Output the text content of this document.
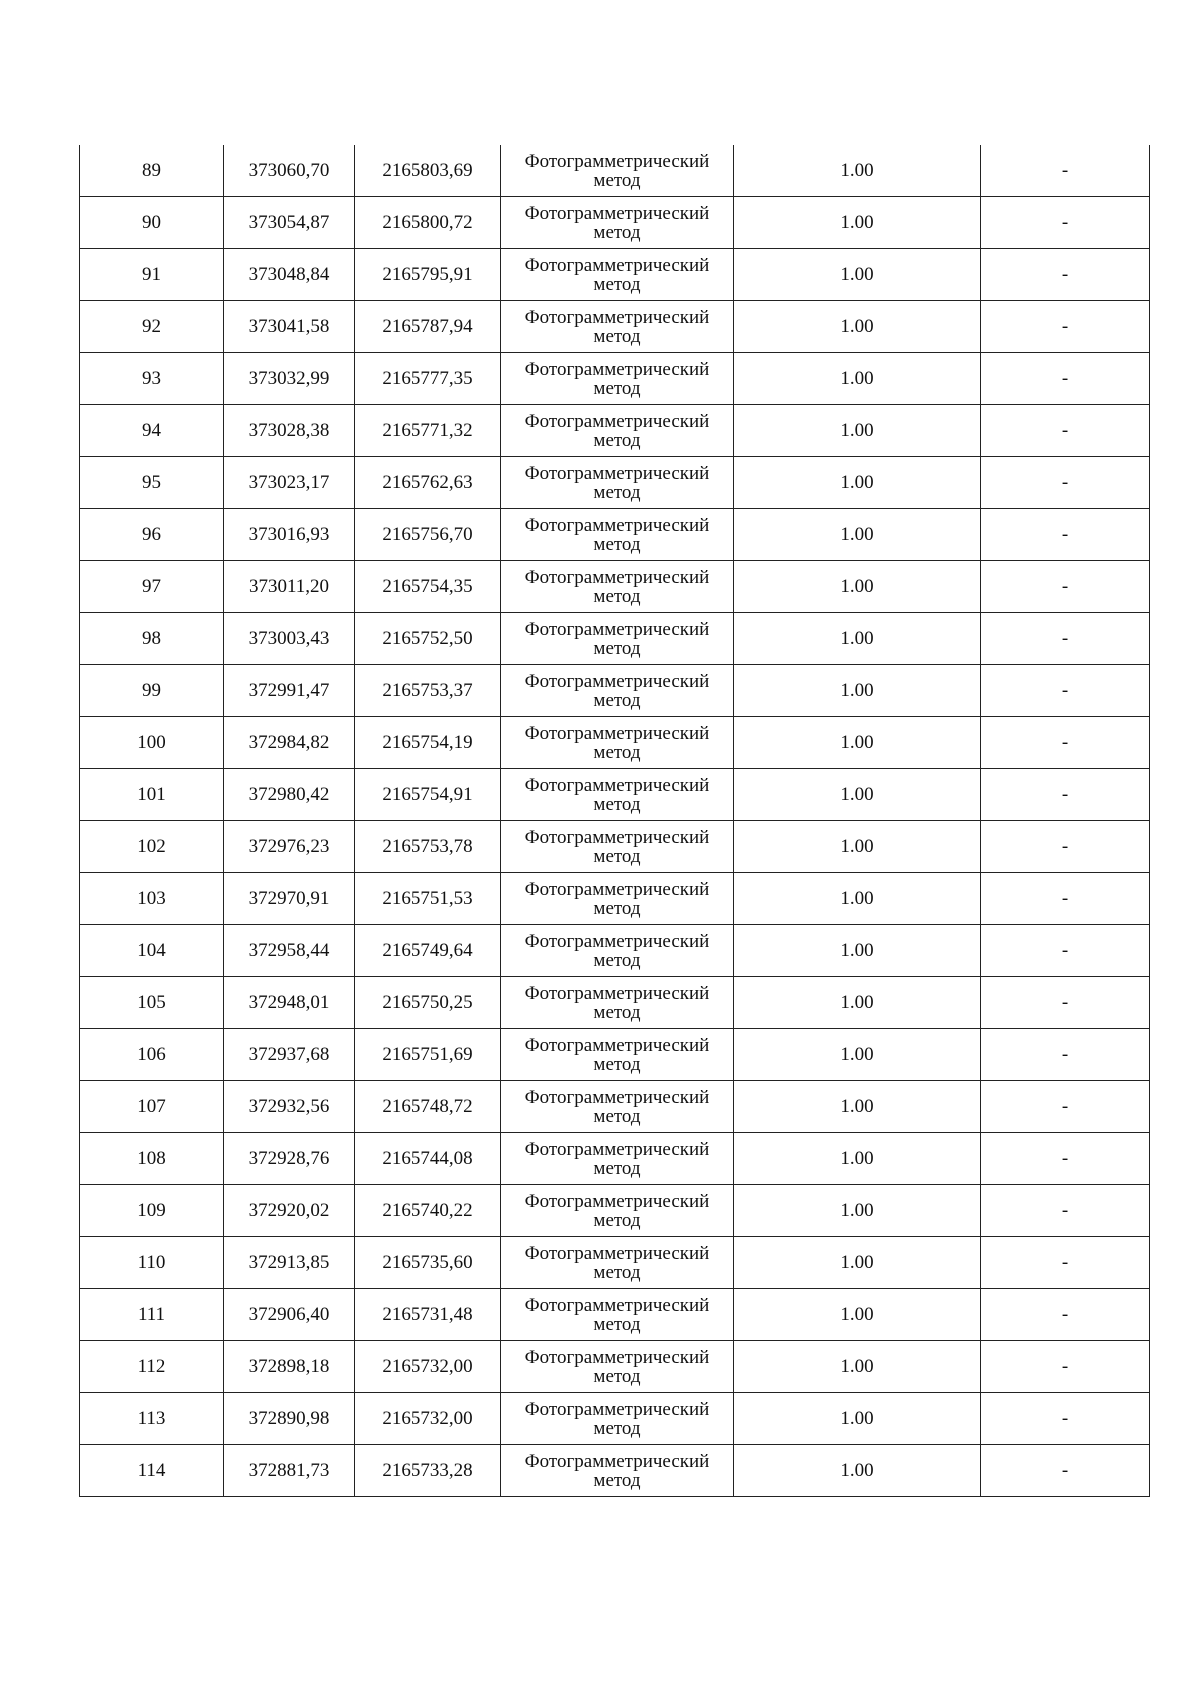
89	373060,70	2165803,69	Фотограмметрический метод	1.00	-
90	373054,87	2165800,72	Фотограмметрический метод	1.00	-
91	373048,84	2165795,91	Фотограмметрический метод	1.00	-
92	373041,58	2165787,94	Фотограмметрический метод	1.00	-
93	373032,99	2165777,35	Фотограмметрический метод	1.00	-
94	373028,38	2165771,32	Фотограмметрический метод	1.00	-
95	373023,17	2165762,63	Фотограмметрический метод	1.00	-
96	373016,93	2165756,70	Фотограмметрический метод	1.00	-
97	373011,20	2165754,35	Фотограмметрический метод	1.00	-
98	373003,43	2165752,50	Фотограмметрический метод	1.00	-
99	372991,47	2165753,37	Фотограмметрический метод	1.00	-
100	372984,82	2165754,19	Фотограмметрический метод	1.00	-
101	372980,42	2165754,91	Фотограмметрический метод	1.00	-
102	372976,23	2165753,78	Фотограмметрический метод	1.00	-
103	372970,91	2165751,53	Фотограмметрический метод	1.00	-
104	372958,44	2165749,64	Фотограмметрический метод	1.00	-
105	372948,01	2165750,25	Фотограмметрический метод	1.00	-
106	372937,68	2165751,69	Фотограмметрический метод	1.00	-
107	372932,56	2165748,72	Фотограмметрический метод	1.00	-
108	372928,76	2165744,08	Фотограмметрический метод	1.00	-
109	372920,02	2165740,22	Фотограмметрический метод	1.00	-
110	372913,85	2165735,60	Фотограмметрический метод	1.00	-
111	372906,40	2165731,48	Фотограмметрический метод	1.00	-
112	372898,18	2165732,00	Фотограмметрический метод	1.00	-
113	372890,98	2165732,00	Фотограмметрический метод	1.00	-
114	372881,73	2165733,28	Фотограмметрический метод	1.00	-
